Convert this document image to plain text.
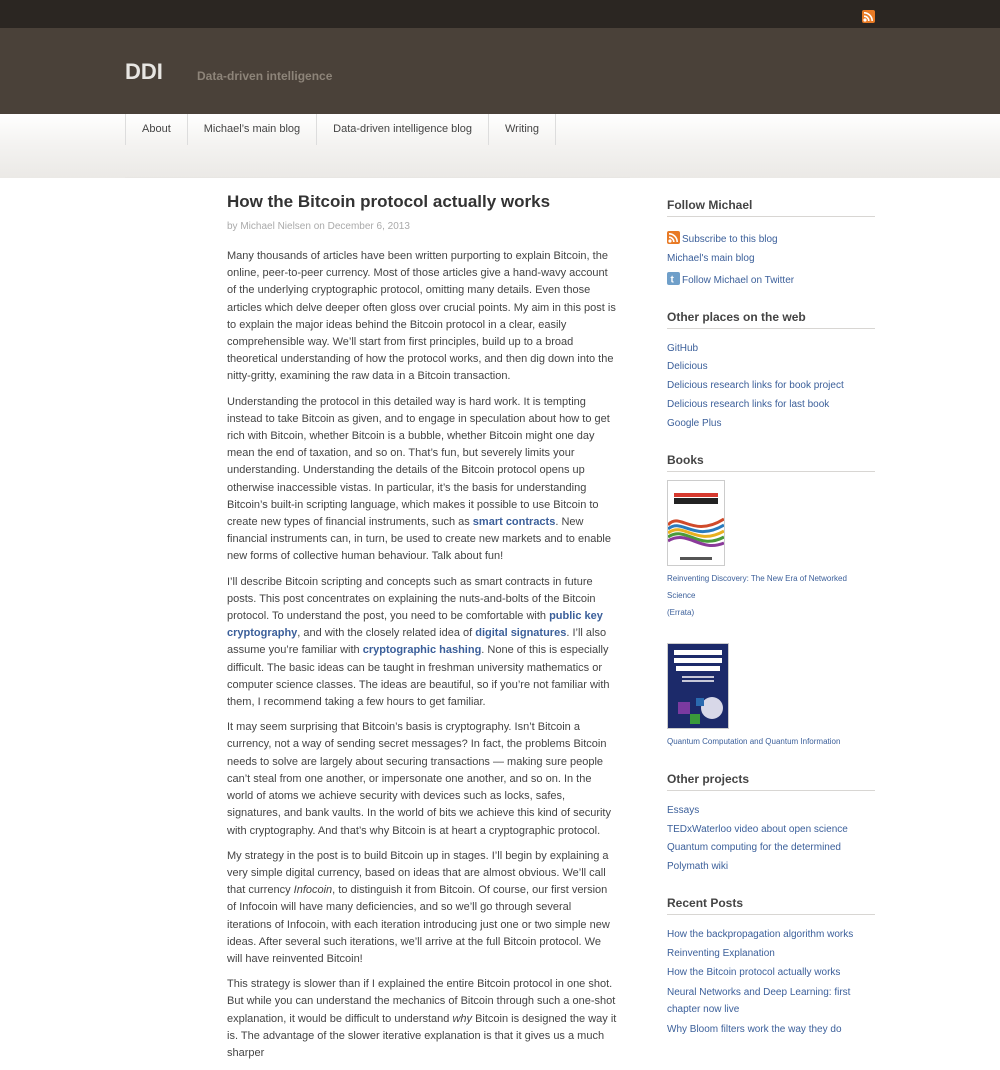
DDI	Data-driven intelligence
About	Michael’s main blog	Data-driven intelligence blog	Writing
How the Bitcoin protocol actually works
by Michael Nielsen on December 6, 2013

Many thousands of articles have been written purporting to explain Bitcoin, the online, peer-to-peer currency. Most of those articles give a hand-wavy account of the underlying cryptographic protocol, omitting many details. Even those articles which delve deeper often gloss over crucial points. My aim in this post is to explain the major ideas behind the Bitcoin protocol in a clear, easily comprehensible way. We’ll start from first principles, build up to a broad theoretical understanding of how the protocol works, and then dig down into the nitty-gritty, examining the raw data in a Bitcoin transaction.

Understanding the protocol in this detailed way is hard work. It is tempting instead to take Bitcoin as given, and to engage in speculation about how to get rich with Bitcoin, whether Bitcoin is a bubble, whether Bitcoin might one day mean the end of taxation, and so on. That’s fun, but severely limits your understanding. Understanding the details of the Bitcoin protocol opens up otherwise inaccessible vistas. In particular, it’s the basis for understanding Bitcoin’s built-in scripting language, which makes it possible to use Bitcoin to create new types of financial instruments, such as smart contracts. New financial instruments can, in turn, be used to create new markets and to enable new forms of collective human behaviour. Talk about fun!

I’ll describe Bitcoin scripting and concepts such as smart contracts in future posts. This post concentrates on explaining the nuts-and-bolts of the Bitcoin protocol. To understand the post, you need to be comfortable with public key cryptography, and with the closely related idea of digital signatures. I’ll also assume you’re familiar with cryptographic hashing. None of this is especially difficult. The basic ideas can be taught in freshman university mathematics or computer science classes. The ideas are beautiful, so if you’re not familiar with them, I recommend taking a few hours to get familiar.

It may seem surprising that Bitcoin’s basis is cryptography. Isn’t Bitcoin a currency, not a way of sending secret messages? In fact, the problems Bitcoin needs to solve are largely about securing transactions — making sure people can’t steal from one another, or impersonate one another, and so on. In the world of atoms we achieve security with devices such as locks, safes, signatures, and bank vaults. In the world of bits we achieve this kind of security with cryptography. And that’s why Bitcoin is at heart a cryptographic protocol.

My strategy in the post is to build Bitcoin up in stages. I’ll begin by explaining a very simple digital currency, based on ideas that are almost obvious. We’ll call that currency Infocoin, to distinguish it from Bitcoin. Of course, our first version of Infocoin will have many deficiencies, and so we’ll go through several iterations of Infocoin, with each iteration introducing just one or two simple new ideas. After several such iterations, we’ll arrive at the full Bitcoin protocol. We will have reinvented Bitcoin!

This strategy is slower than if I explained the entire Bitcoin protocol in one shot. But while you can understand the mechanics of Bitcoin through such a one-shot explanation, it would be difficult to understand why Bitcoin is designed the way it is. The advantage of the slower iterative explanation is that it gives us a much sharper

Follow Michael
Subscribe to this blog
Michael's main blog
t Follow Michael on Twitter
Other places on the web
GitHub
Delicious
Delicious research links for book project
Delicious research links for last book
Google Plus
Books
Reinventing Discovery: The New Era of Networked Science
(Errata)
Quantum Computation and Quantum Information
Other projects
Essays
TEDxWaterloo video about open science
Quantum computing for the determined
Polymath wiki
Recent Posts
How the backpropagation algorithm works
Reinventing Explanation
How the Bitcoin protocol actually works
Neural Networks and Deep Learning: first chapter now live
Why Bloom filters work the way they do
